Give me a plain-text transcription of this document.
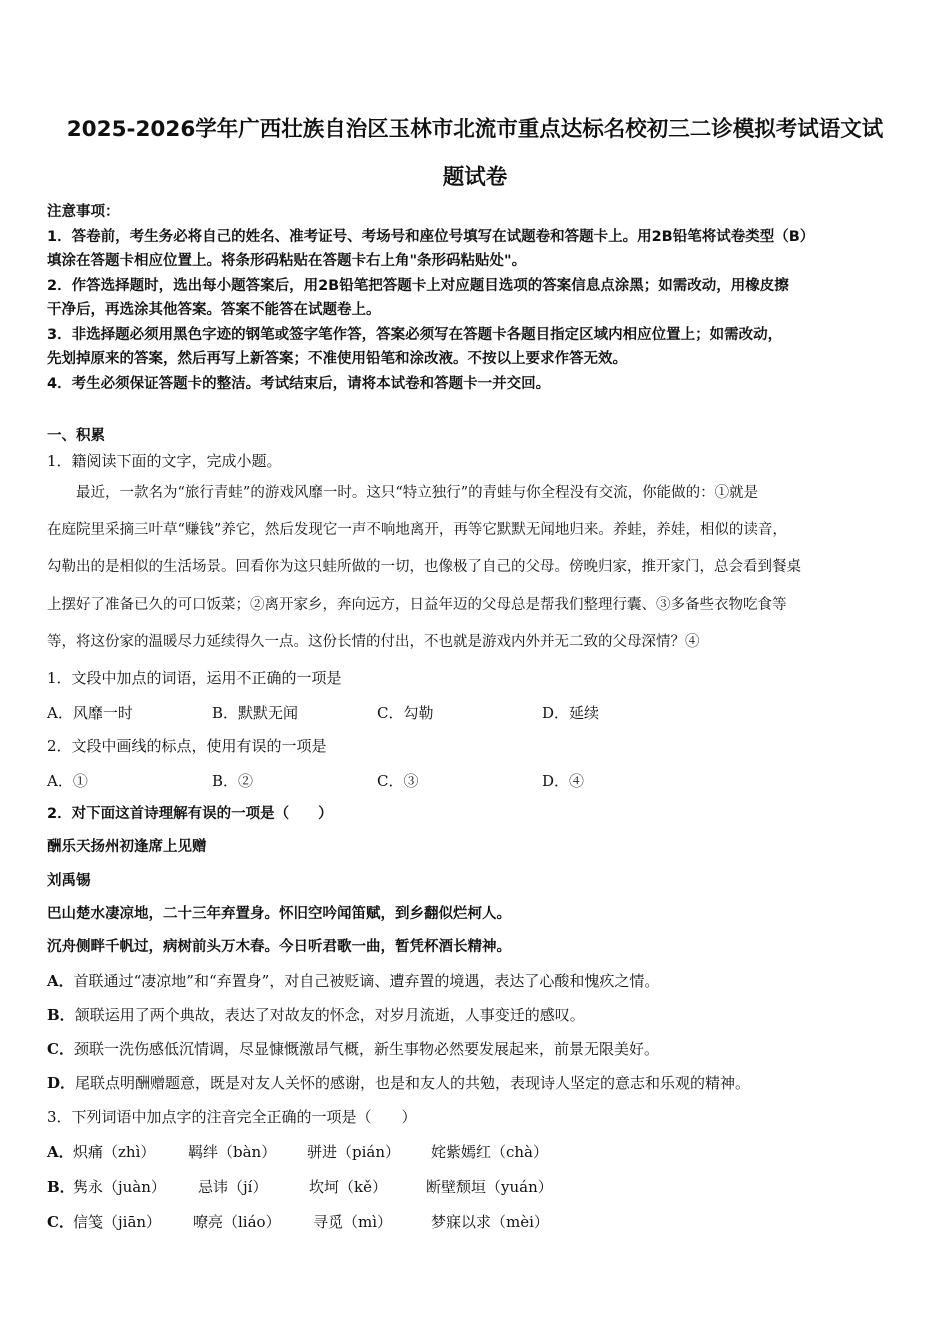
2025-2026学年广西壮族自治区玉林市北流市重点达标名校初三二诊模拟考试语文试
题试卷
注意事项：
1．答卷前，考生务必将自己的姓名、准考证号、考场号和座位号填写在试题卷和答题卡上。用2B铅笔将试卷类型（B）
填涂在答题卡相应位置上。将条形码粘贴在答题卡右上角"条形码粘贴处"。
2．作答选择题时，选出每小题答案后，用2B铅笔把答题卡上对应题目选项的答案信息点涂黑；如需改动，用橡皮擦
干净后，再选涂其他答案。答案不能答在试题卷上。
3．非选择题必须用黑色字迹的钢笔或签字笔作答，答案必须写在答题卡各题目指定区域内相应位置上；如需改动，
先划掉原来的答案，然后再写上新答案；不准使用铅笔和涂改液。不按以上要求作答无效。
4．考生必须保证答题卡的整洁。考试结束后，请将本试卷和答题卡一并交回。
一、积累
1．籍阅读下面的文字，完成小题。
　　最近，一款名为“旅行青蛙”的游戏风靡一时。这只“特立独行”的青蛙与你全程没有交流，你能做的：①就是
在庭院里采摘三叶草“赚钱”养它，然后发现它一声不响地离开，再等它默默无闻地归来。养蛙，养娃，相似的读音，
勾勒出的是相似的生活场景。回看你为这只蛙所做的一切，也像极了自己的父母。傍晚归家，推开家门，总会看到餐桌
上摆好了准备已久的可口饭菜；②离开家乡，奔向远方，日益年迈的父母总是帮我们整理行囊、③多备些衣物吃食等
等，将这份家的温暖尽力延续得久一点。这份长情的付出，不也就是游戏内外并无二致的父母深情？④
1．文段中加点的词语，运用不正确的一项是
A．风靡一时	B．默默无闻	C．勾勒	D．延续
2．文段中画线的标点，使用有误的一项是
A．①	B．②	C．③	D．④
2．对下面这首诗理解有误的一项是（　　）
酬乐天扬州初逢席上见赠
刘禹锡
巴山楚水凄凉地，二十三年弃置身。怀旧空吟闻笛赋，到乡翻似烂柯人。
沉舟侧畔千帆过，病树前头万木春。今日听君歌一曲，暂凭杯酒长精神。
A．首联通过“凄凉地”和“弃置身”，对自己被贬谪、遭弃置的境遇，表达了心酸和愧疚之情。
B．颔联运用了两个典故，表达了对故友的怀念，对岁月流逝，人事变迁的感叹。
C．颈联一洗伤感低沉情调，尽显慷慨激昂气概，新生事物必然要发展起来，前景无限美好。
D．尾联点明酬赠题意，既是对友人关怀的感谢，也是和友人的共勉，表现诗人坚定的意志和乐观的精神。
3．下列词语中加点字的注音完全正确的一项是（　　）
A． 炽痛（zhì） 羁绊（bàn） 骈进（pián） 姹紫嫣红（chà）
B．
隽永（juàn） 忌讳（jí）	坎坷（kě）	断壁颓垣（yuán）
C． 信笺（jiān） 嘹亮（liáo） 寻觅（mì）	梦寐以求（mèi）
